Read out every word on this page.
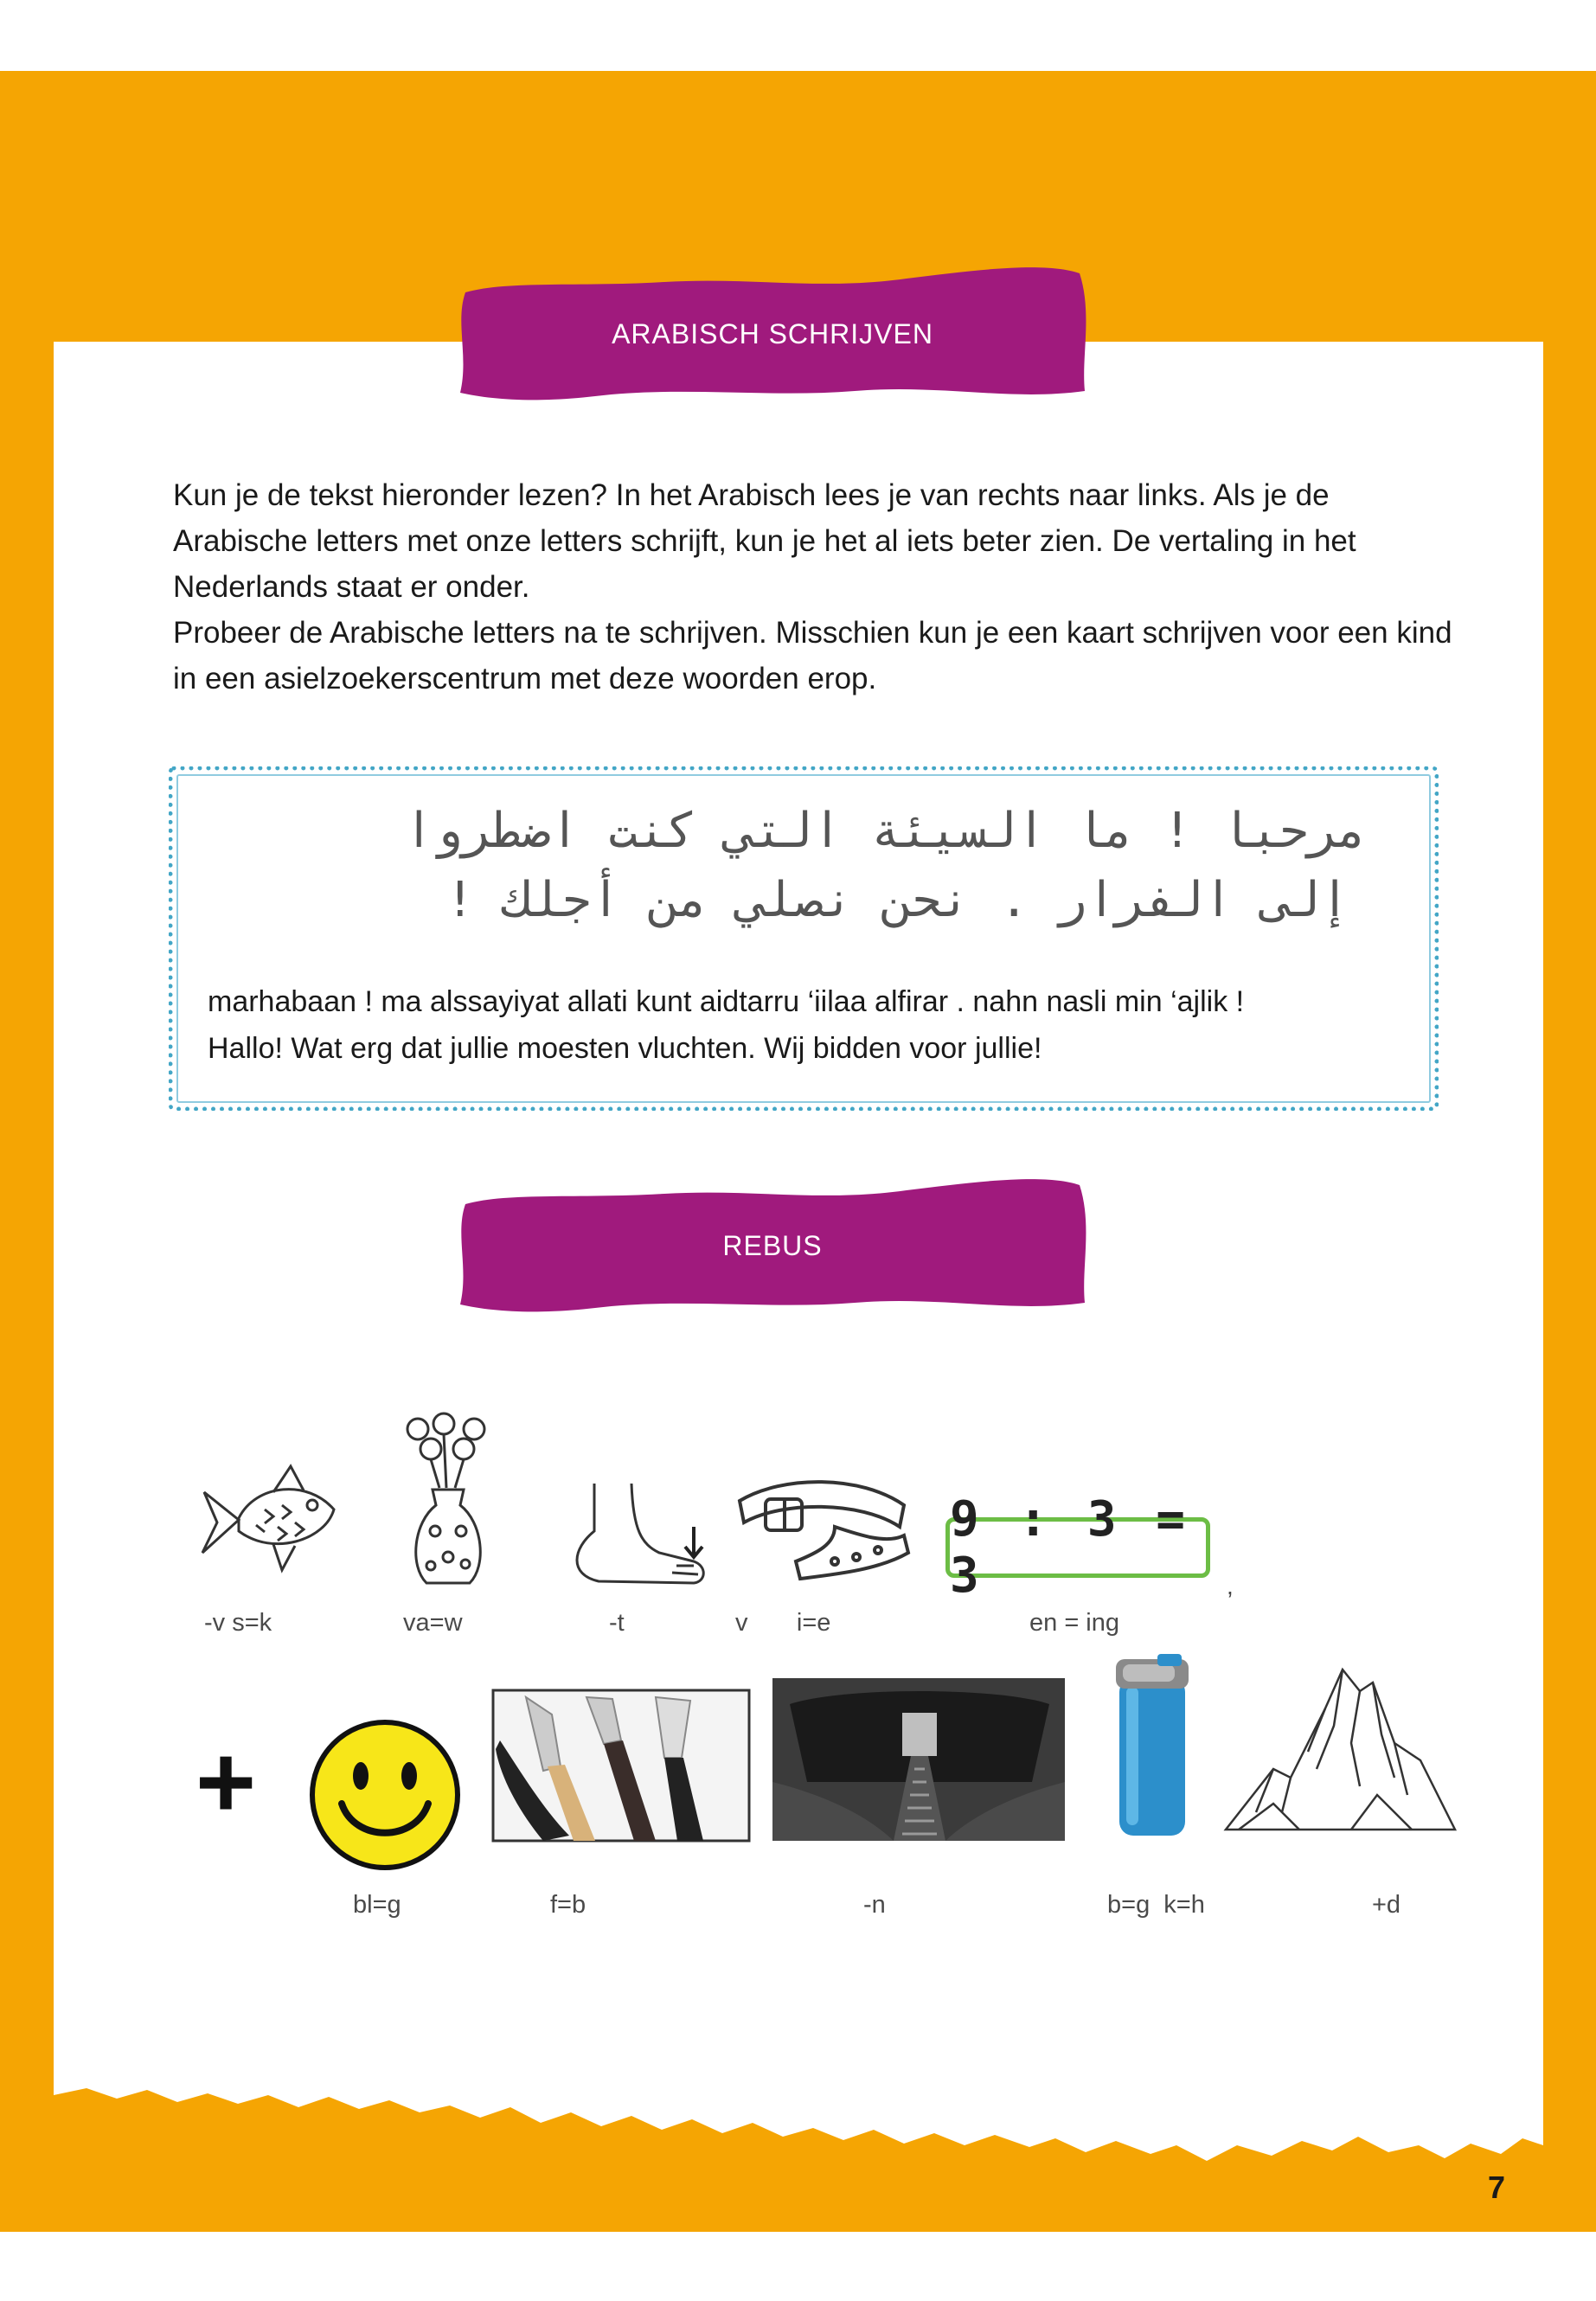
ARABISCH SCHRIJVEN

Kun je de tekst hieronder lezen? In het Arabisch lees je van rechts naar links. Als je de Arabische letters met onze letters schrijft, kun je het al iets beter zien. De vertaling in het Nederlands staat er onder.

Probeer de Arabische letters na te schrijven. Misschien kun je een kaart schrijven voor een kind in een asielzoekerscentrum met deze woorden erop.

مرحبا ! ما السيئة التي كنت اضطروا
إلى الفرار . نحن نصلي من أجلك !
marhabaan ! ma alssayiyat allati kunt aidtarru ‘iilaa alfirar . nahn nasli min ‘ajlik !
Hallo! Wat erg dat jullie moesten vluchten. Wij bidden voor jullie!
REBUS
9 : 3 = 3	,
-v s=k	va=w	-t	v       i=e	en = ing
+
bl=g	f=b	-n	b=g  k=h	+d
7
